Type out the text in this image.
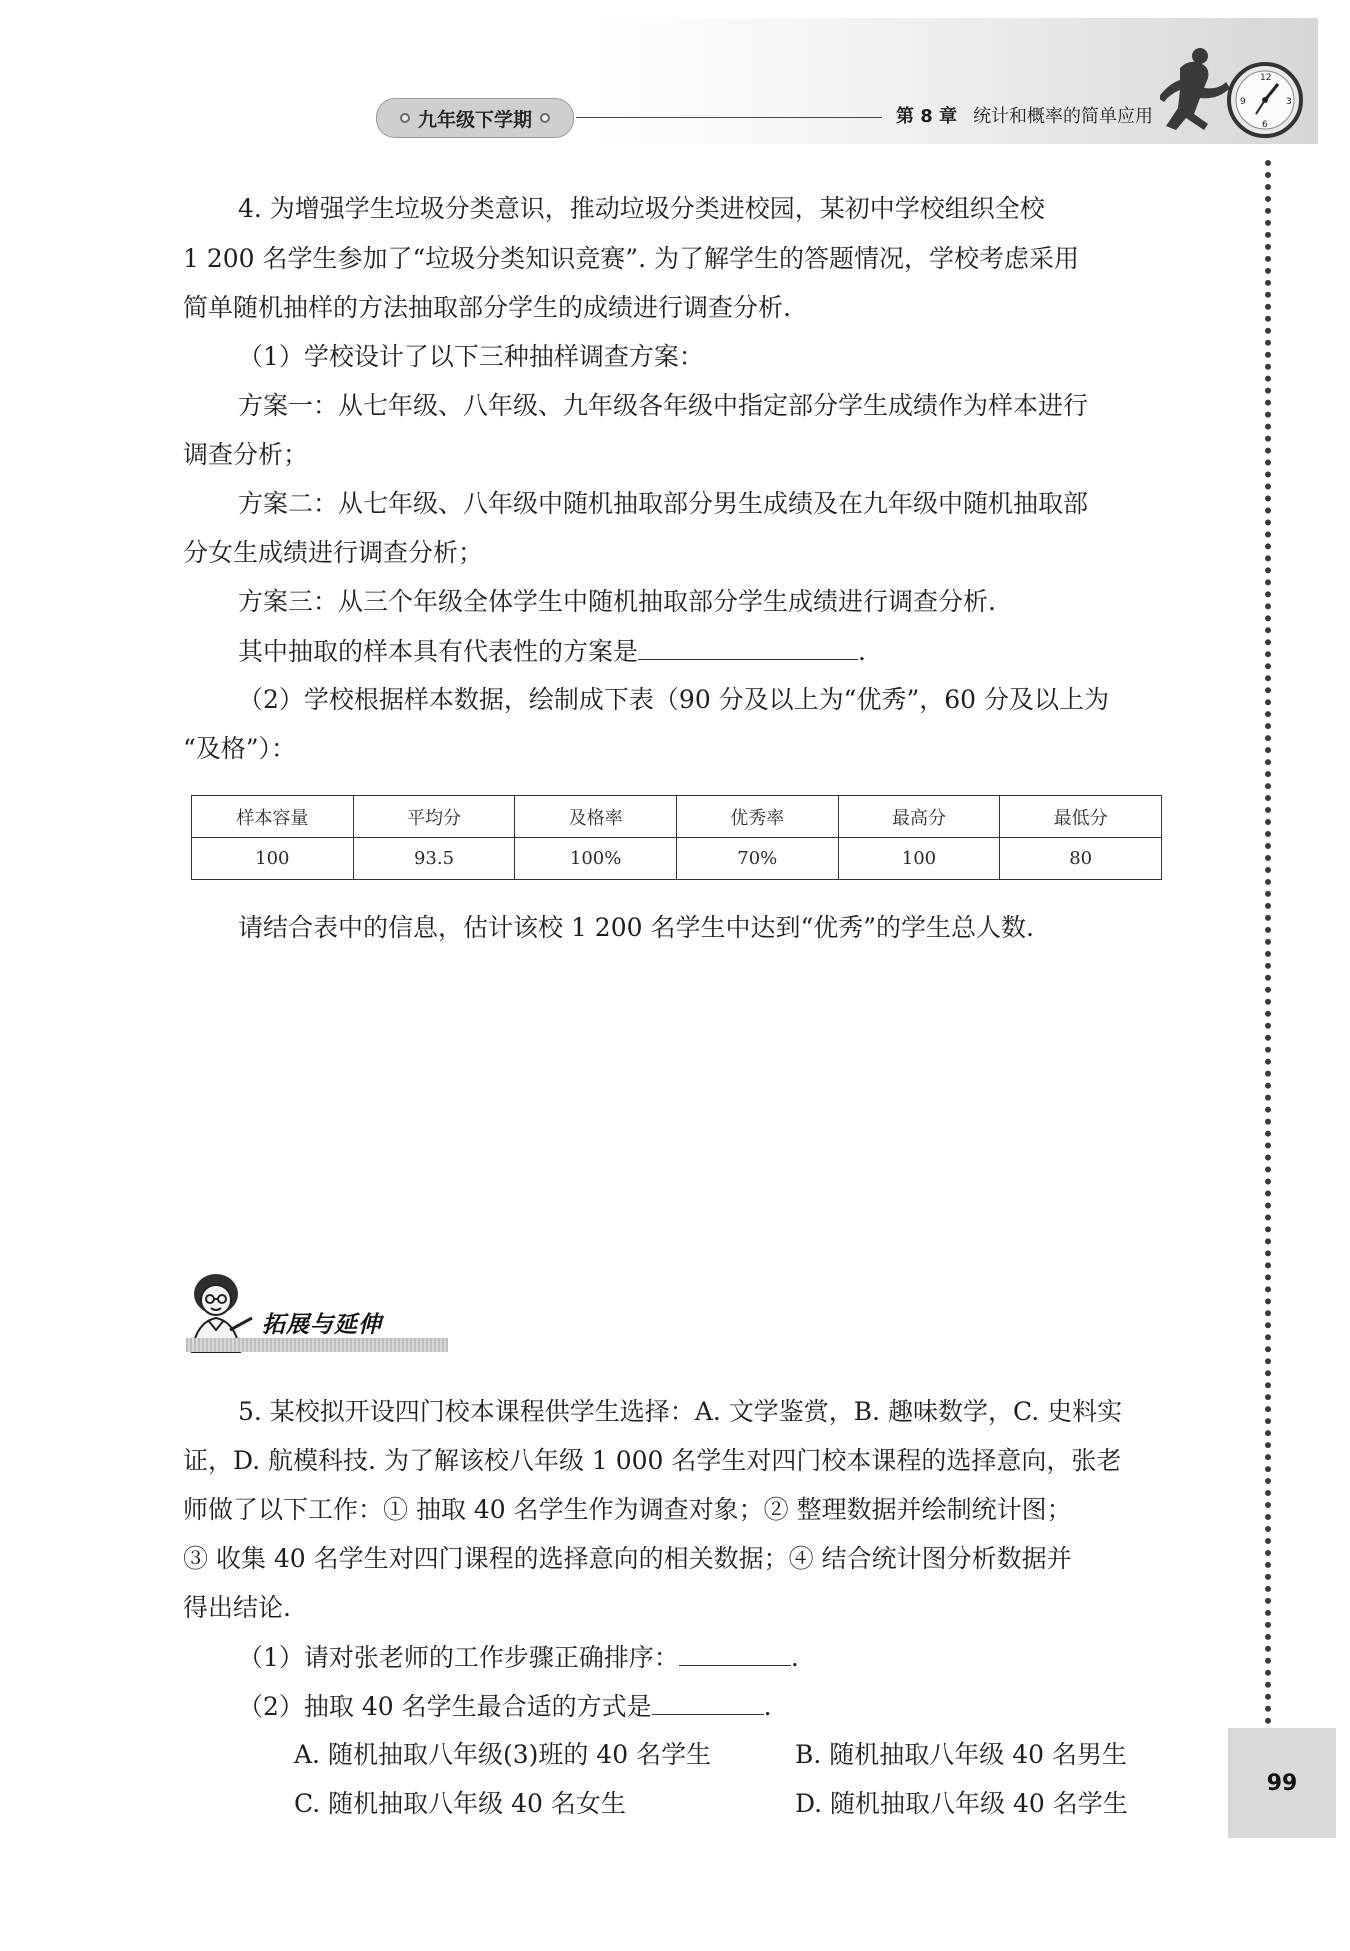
九年级下学期	第 8 章 统计和概率的简单应用
12
3
6
9
99
4. 为增强学生垃圾分类意识，推动垃圾分类进校园，某初中学校组织全校
1 200 名学生参加了“垃圾分类知识竞赛”. 为了解学生的答题情况，学校考虑采用
简单随机抽样的方法抽取部分学生的成绩进行调查分析.
（1）学校设计了以下三种抽样调查方案：
方案一：从七年级、八年级、九年级各年级中指定部分学生成绩作为样本进行
调查分析；
方案二：从七年级、八年级中随机抽取部分男生成绩及在九年级中随机抽取部
分女生成绩进行调查分析；
方案三：从三个年级全体学生中随机抽取部分学生成绩进行调查分析.
其中抽取的样本具有代表性的方案是	.
（2）学校根据样本数据，绘制成下表（90 分及以上为“优秀”，60 分及以上为
“及格”）：
样本容量	平均分	及格率	优秀率	最高分	最低分
100	93.5	100%	70%	100	80
请结合表中的信息，估计该校 1 200 名学生中达到“优秀”的学生总人数.
拓展与延伸
5. 某校拟开设四门校本课程供学生选择：A. 文学鉴赏，B. 趣味数学，C. 史料实
证，D. 航模科技. 为了解该校八年级 1 000 名学生对四门校本课程的选择意向，张老
师做了以下工作：① 抽取 40 名学生作为调查对象；② 整理数据并绘制统计图；
③ 收集 40 名学生对四门课程的选择意向的相关数据；④ 结合统计图分析数据并
得出结论.
（1）请对张老师的工作步骤正确排序：	.
（2）抽取 40 名学生最合适的方式是	.
A. 随机抽取八年级(3)班的 40 名学生	B. 随机抽取八年级 40 名男生
C. 随机抽取八年级 40 名女生	D. 随机抽取八年级 40 名学生
